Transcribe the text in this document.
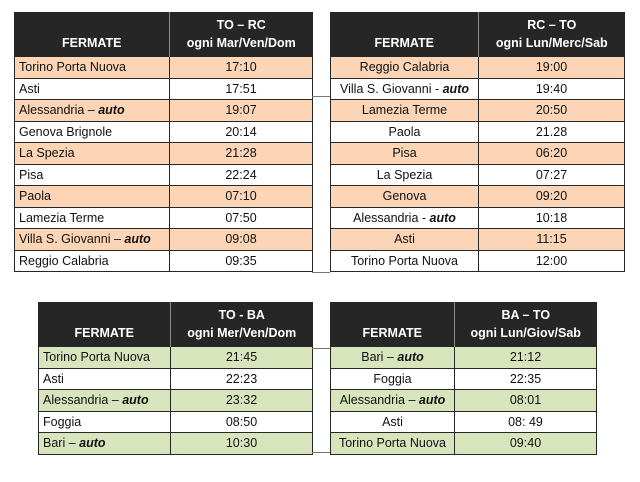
	TO – RC
FERMATE	ogni Mar/Ven/Dom
Torino Porta Nuova	17:10
Asti	17:51
Alessandria – auto	19:07
Genova Brignole	20:14
La Spezia	21:28
Pisa	22:24
Paola	07:10
Lamezia Terme	07:50
Villa S. Giovanni – auto	09:08
Reggio Calabria	09:35
	RC – TO
FERMATE	ogni Lun/Merc/Sab
Reggio Calabria	19:00
Villa S. Giovanni - auto	19:40
Lamezia Terme	20:50
Paola	21.28
Pisa	06:20
La Spezia	07:27
Genova	09:20
Alessandria - auto	10:18
Asti	11:15
Torino Porta Nuova	12:00
	TO - BA
FERMATE	ogni Mer/Ven/Dom
Torino Porta Nuova	21:45
Asti	22:23
Alessandria – auto	23:32
Foggia	08:50
Bari – auto	10:30
	BA – TO
FERMATE	ogni Lun/Giov/Sab
Bari – auto	21:12
Foggia	22:35
Alessandria – auto	08:01
Asti	08: 49
Torino Porta Nuova	09:40
